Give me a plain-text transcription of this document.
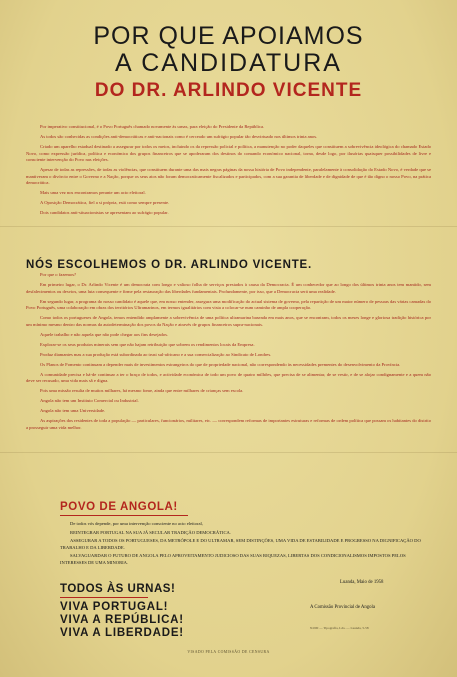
POR QUE APOIAMOS
A CANDIDATURA
DO DR. ARLINDO VICENTE

Por imperativo constitucional, é o Povo Português chamado novamente às urnas, para eleição do Presidente da República.

As todos são conhecidas as condições anti-democráticas e anti-nacionais como é cerceado um sufrágio popular tão desvirtuado nos últimos trinta anos.

Criado um aparelho estadual destinado a assegurar por todos os meios, incluindo os da repressão policial e política, a manutenção no poder daqueles que constituem a sobrevivência ideológica do chamado Estado Novo, como expressão jurídica, política e económica dos grupos financeiros que se apoderaram dos destinos do comando económico nacional, torna, desde logo, por ilusórias quaisquer possibilidades de livre e consciente intervenção do Povo nas eleições.

Apesar de todas as repressões, de todas as violências, que constituem durante uma das mais negras páginas da nossa história de Povo independente, paralelamente à consolidação do Estado Novo, é verdade que se mantiveram o divórcio entre o Governo e a Nação, porque os seus atos não foram democraticamente fiscalizados e participados, com a sua garantia de liberdade e de dignidade de que é tão digno o nosso Povo, na prática democrática.

Mais uma vez nos encontramos perante um acto eleitoral.

A Oposição Democrática, fiel a si própria, está como sempre presente.

Dois candidatos anti-situacionistas se apresentam ao sufrágio popular.

NÓS ESCOLHEMOS O DR. ARLINDO VICENTE.

Por que o fazemos?

Em primeiro lugar, o Dr. Arlindo Vicente é um democrata com longo e valioso folha de serviços prestados à causa da Democracia. É um conhecedor que ao longo dos últimos trinta anos tem mantido, sem desfalecimentos ou desvios, uma luta consequente e firme pela restauração das liberdades fundamentais. Profundamente, por isso, que a Democracia será uma realidade.

Em segundo lugar, a programa do nosso candidato é aquele que, em nosso entender, assegura uma modificação do actual sistema de governo, pela repartição de um maior número de pessoas das várias camadas do Povo Português, uma colaboração em obras dos territórios Ultramarinos, em termos igualitários com vista a colocar-se num caminho de ampla cooperação.

Como todos os portugueses de Angola, temos entendido amplamente a sobrevivência de uma política ultramarina baseada em mais anos, que se encontram, todos os meses longe e gloriosa tradição histórica por um mínimo mesmo dentro das normas da autodeterminação dos povos da Nação e através de grupos financeiros supra-nacionais.

Aquele trabalho e não aquela que não pode chegar aos fins desejados.

Explorar-se os seus produtos minerais sem que não hajam retribuição que sobrem os rendimentos locais da Empresa.

Produz diamantes mas a sua produção está subordinada ao trust sul-africano e a sua comercialização ao Sindicato de Londres.

Os Planos de Fomento continuam a depender mais de investimentos estrangeiros do que de propriedade nacional, não correspondendo às necessidades prementes do desenvolvimento da Província.

A comunidade precisa e há-de continuar a ter o braço de todos, e actividade económica de todo um povo de quatro milhões, que precisa de se alimentar, de se vestir, e de se alojar condignamente e a quem não deve ser recusado, uma vida mais sã e digna.

Pois uma missão resulta de muitos milhares, há mesmo fome, ainda que entre milhares de crianças sem escola.

Angola não tem um Instituto Comercial ou Industrial.

Angola não tem uma Universidade.

As aspirações dos residentes de toda a população — particulares, funcionários, militares, etc. — correspondem reformas de importantes estruturas e reformas de ordem política que possam os habitantes do distrito a prosseguir uma vida melhor.

POVO DE ANGOLA!

De todos vós depende, por uma intervenção consciente no acto eleitoral,

REINTEGRAR PORTUGAL NA SUA JÁ SECULAR TRADIÇÃO DEMOCRÁTICA.

ASSEGURAR A TODOS OS PORTUGUESES, DA METRÓPOLE E DO ULTRAMAR, SEM DISTINÇÕES, UMA VIDA DE ESTABILIDADE E PROGRESSO NA DIGNIFICAÇÃO DO TRABALHO E DA LIBERDADE.

SALVAGUARDAR O FUTURO DE ANGOLA PELO APROVEITAMENTO JUDICIOSO DAS SUAS RIQUEZAS, LIBERTAS DOS CONDICIONALISMOS IMPOSTOS PELOS INTERESSES DE UMA MINORIA.

TODOS ÀS URNAS!
VIVA PORTUGAL!
VIVA A REPÚBLICA!
VIVA A LIBERDADE!
Luanda, Maio de 1958
A Comissão Provincial de Angola
N.000 — Tipografia, Lda. — Luanda, 5-58
VISADO PELA COMISSÃO DE CENSURA
